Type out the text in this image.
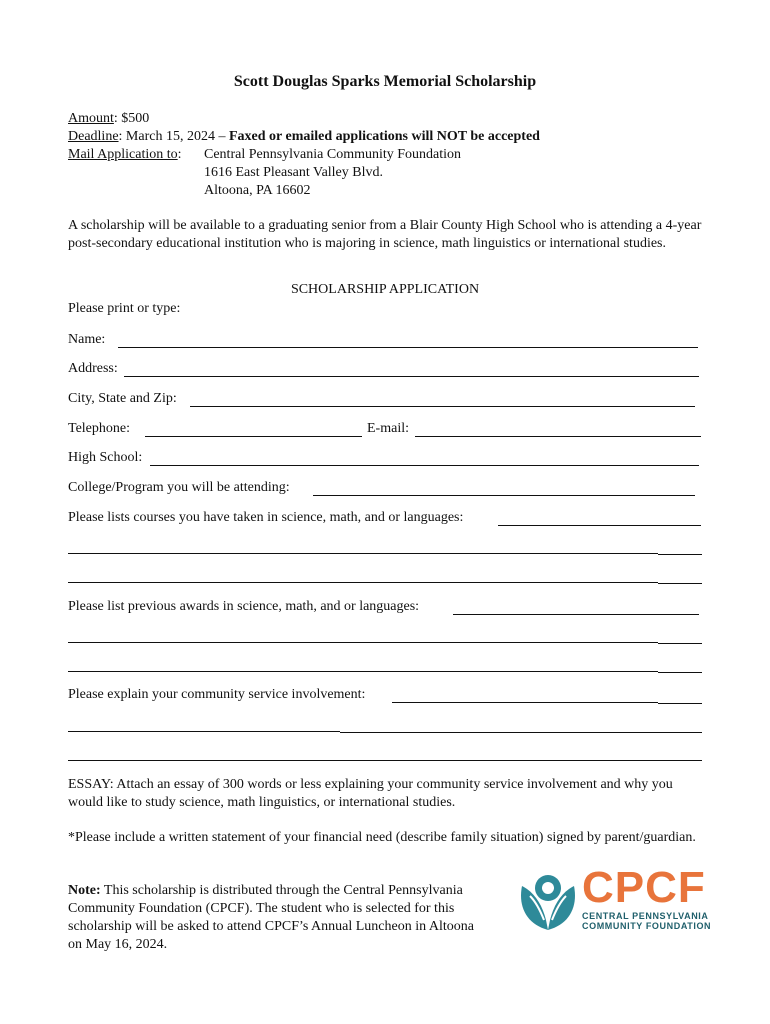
Scott Douglas Sparks Memorial Scholarship
Amount: $500
Deadline: March 15, 2024 – Faxed or emailed applications will NOT be accepted
Mail Application to: Central Pennsylvania Community Foundation
1616 East Pleasant Valley Blvd.
Altoona, PA 16602
A scholarship will be available to a graduating senior from a Blair County High School who is attending a 4-year post-secondary educational institution who is majoring in science, math linguistics or international studies.
SCHOLARSHIP APPLICATION
Please print or type:
Name:
Address:
City, State and Zip:
Telephone:	E-mail:
High School:
College/Program you will be attending:
Please lists courses you have taken in science, math, and or languages:
Please list previous awards in science, math, and or languages:
Please explain your community service involvement:
ESSAY: Attach an essay of 300 words or less explaining your community service involvement and why you would like to study science, math linguistics, or international studies.
*Please include a written statement of your financial need (describe family situation) signed by parent/guardian.
Note: This scholarship is distributed through the Central Pennsylvania Community Foundation (CPCF). The student who is selected for this scholarship will be asked to attend CPCF’s Annual Luncheon in Altoona on May 16, 2024.
CPCF
CENTRAL PENNSYLVANIA
COMMUNITY FOUNDATION
